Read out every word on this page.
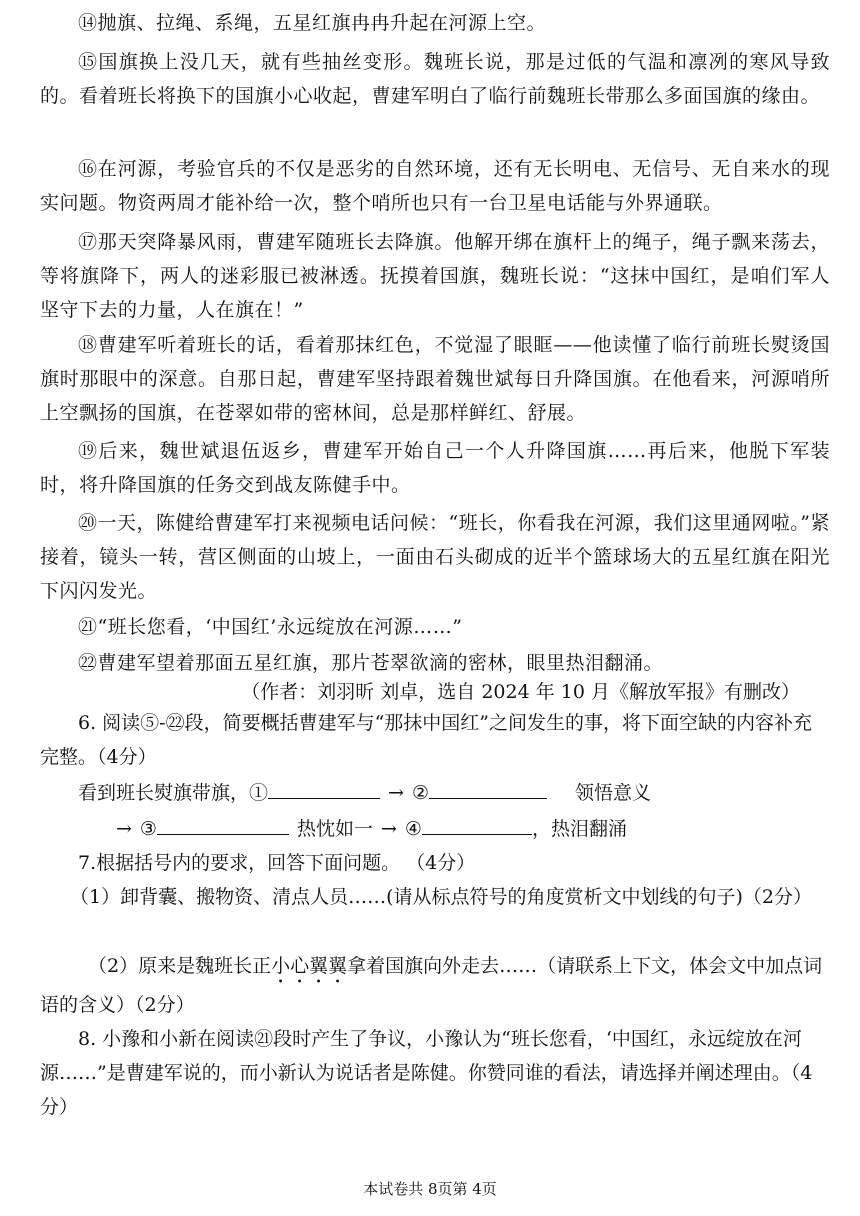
⑭抛旗、拉绳、系绳，五星红旗冉冉升起在河源上空。

⑮国旗换上没几天，就有些抽丝变形。魏班长说，那是过低的气温和凛冽的寒风导致的。看着班长将换下的国旗小心收起，曹建军明白了临行前魏班长带那么多面国旗的缘由。

⑯在河源，考验官兵的不仅是恶劣的自然环境，还有无长明电、无信号、无自来水的现实问题。物资两周才能补给一次，整个哨所也只有一台卫星电话能与外界通联。

⑰那天突降暴风雨，曹建军随班长去降旗。他解开绑在旗杆上的绳子，绳子飘来荡去，等将旗降下，两人的迷彩服已被淋透。抚摸着国旗，魏班长说：“这抹中国红，是咱们军人坚守下去的力量，人在旗在！”

⑱曹建军听着班长的话，看着那抹红色，不觉湿了眼眶——他读懂了临行前班长熨烫国旗时那眼中的深意。自那日起，曹建军坚持跟着魏世斌每日升降国旗。在他看来，河源哨所上空飘扬的国旗，在苍翠如带的密林间，总是那样鲜红、舒展。

⑲后来，魏世斌退伍返乡，曹建军开始自己一个人升降国旗……再后来，他脱下军装时，将升降国旗的任务交到战友陈健手中。

⑳一天，陈健给曹建军打来视频电话问候：“班长，你看我在河源，我们这里通网啦。”紧接着，镜头一转，营区侧面的山坡上，一面由石头砌成的近半个篮球场大的五星红旗在阳光下闪闪发光。

㉑“班长您看，‘中国红’永远绽放在河源……”

㉒曹建军望着那面五星红旗，那片苍翠欲滴的密林，眼里热泪翻涌。

（作者：刘羽昕 刘卓，选自 2024 年 10 月《解放军报》有删改）

6. 阅读⑤-㉒段，简要概括曹建军与“那抹中国红”之间发生的事，将下面空缺的内容补充完整。（4分）

看到班长熨旗带旗，①	→ ②	领悟意义
→ ③	热忱如一 → ④	，热泪翻涌
7.根据括号内的要求，回答下面问题。 （4分）

（1）卸背囊、搬物资、清点人员……(请从标点符号的角度赏析文中划线的句子)（2分）

（2）原来是魏班长正小心翼翼拿着国旗向外走去……（请联系上下文，体会文中加点词语的含义）（2分）

8. 小豫和小新在阅读㉑段时产生了争议，小豫认为“班长您看，‘中国红，永远绽放在河源……”是曹建军说的，而小新认为说话者是陈健。你赞同谁的看法，请选择并阐述理由。（4分）

本试卷共 8页第 4页
